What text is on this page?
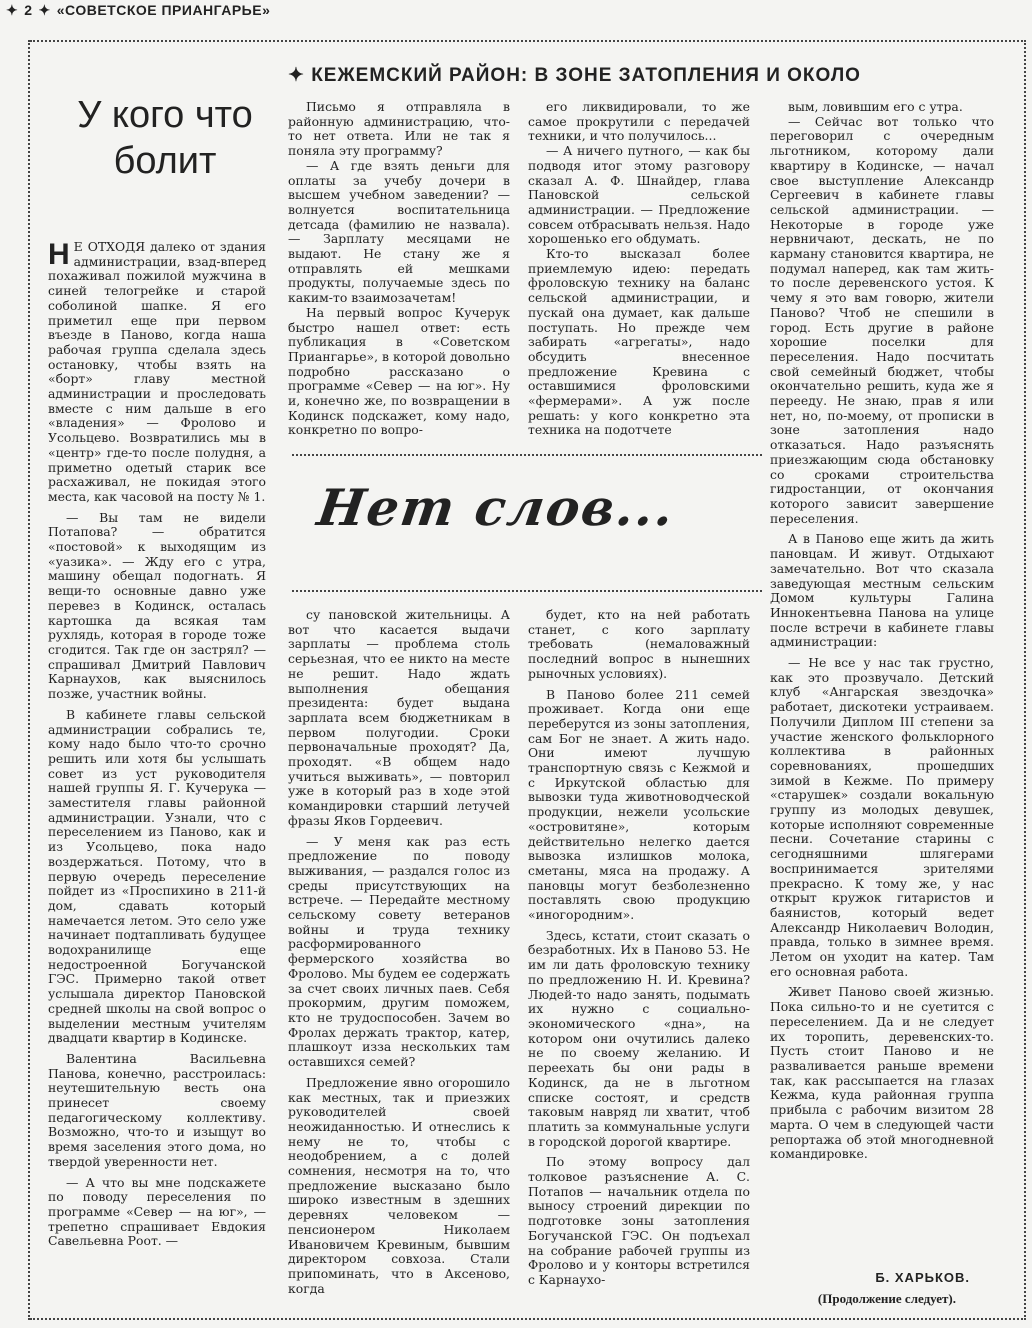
✦ 2 ✦ «СОВЕТСКОЕ ПРИАНГАРЬЕ»
✦ КЕЖЕМСКИЙ РАЙОН: В ЗОНЕ ЗАТОПЛЕНИЯ И ОКОЛО
У кого что болит
Нет слов...

Н Е ОТХОДЯ далеко от здания администрации, взад-вперед похаживал пожилой мужчина в синей телогрейке и старой соболиной шапке. Я его приметил еще при первом въезде в Паново, когда наша рабочая группа сделала здесь остановку, чтобы взять на «борт» главу местной администрации и проследовать вместе с ним дальше в его «владения» — Фролово и Усольцево. Возвратились мы в «центр» где-то после полудня, а приметно одетый старик все расхаживал, не покидая этого места, как часовой на посту № 1.

— Вы там не видели Потапова? — обратится «постовой» к выходящим из «уазика». — Жду его с утра, машину обещал подогнать. Я вещи-то основные давно уже перевез в Кодинск, осталась картошка да всякая там рухлядь, которая в городе тоже сгодится. Так где он застрял? — спрашивал Дмитрий Павлович Карнаухов, как выяснилось позже, участник войны.

В кабинете главы сельской администрации собрались те, кому надо было что-то срочно решить или хотя бы услышать совет из уст руководителя нашей группы Я. Г. Кучерука — заместителя главы районной администрации. Узнали, что с переселением из Паново, как и из Усольцево, пока надо воздержаться. Потому, что в первую очередь переселение пойдет из «Проспихино в 211-й дом, сдавать который намечается летом. Это село уже начинает подтапливать будущее водохранилище еще недостроенной Богучанской ГЭС. Примерно такой ответ услышала директор Пановской средней школы на свой вопрос о выделении местным учителям двадцати квартир в Кодинске.

Валентина Васильевна Панова, конечно, расстроилась: неутешительную весть она принесет своему педагогическому коллективу. Возможно, что-то и изыщут во время заселения этого дома, но твердой уверенности нет.

— А что вы мне подскажете по поводу переселения по программе «Север — на юг», — трепетно спрашивает Евдокия Савельевна Роот. —

Письмо я отправляла в районную администрацию, что-то нет ответа. Или не так я поняла эту программу?

— А где взять деньги для оплаты за учебу дочери в высшем учебном заведении? — волнуется воспитательница детсада (фамилию не назвала). — Зарплату месяцами не выдают. Не стану же я отправлять ей мешками продукты, получаемые здесь по каким-то взаимозачетам!

На первый вопрос Кучерук быстро нашел ответ: есть публикация в «Советском Приангарье», в которой довольно подробно рассказано о программе «Север — на юг». Ну и, конечно же, по возвращении в Кодинск подскажет, кому надо, конкретно по вопро-

его ликвидировали, то же самое прокрутили с передачей техники, и что получилось...

— А ничего путного, — как бы подводя итог этому разговору сказал А. Ф. Шнайдер, глава Пановской сельской администрации. — Предложение совсем отбрасывать нельзя. Надо хорошенько его обдумать.

Кто-то высказал более приемлемую идею: передать фроловскую технику на баланс сельской администрации, и пускай она думает, как дальше поступать. Но прежде чем забирать «агрегаты», надо обсудить внесенное предложение Кревина с оставшимися фроловскими «фермерами». А уж после решать: у кого конкретно эта техника на подотчете

вым, ловившим его с утра.

— Сейчас вот только что переговорил с очередным льготником, которому дали квартиру в Кодинске, — начал свое выступление Александр Сергеевич в кабинете главы сельской администрации. — Некоторые в городе уже нервничают, дескать, не по карману становится квартира, не подумал наперед, как там жить-то после деревенского устоя. К чему я это вам говорю, жители Паново? Чтоб не спешили в город. Есть другие в районе хорошие поселки для переселения. Надо посчитать свой семейный бюджет, чтобы окончательно решить, куда же я перееду. Не знаю, прав я или нет, но, по-моему, от прописки в зоне затопления надо отказаться. Надо разъяснять приезжающим сюда обстановку со сроками строительства гидростанции, от окончания которого зависит завершение переселения.

А в Паново еще жить да жить пановцам. И живут. Отдыхают замечательно. Вот что сказала заведующая местным сельским Домом культуры Галина Иннокентьевна Панова на улице после встречи в кабинете главы администрации:

— Не все у нас так грустно, как это прозвучало. Детский клуб «Ангарская звездочка» работает, дискотеки устраиваем. Получили Диплом III степени за участие женского фольклорного коллектива в районных соревнованиях, прошедших зимой в Кежме. По примеру «старушек» создали вокальную группу из молодых девушек, которые исполняют современные песни. Сочетание старины с сегодняшними шлягерами воспринимается зрителями прекрасно. К тому же, у нас открыт кружок гитаристов и баянистов, который ведет Александр Николаевич Володин, правда, только в зимнее время. Летом он уходит на катер. Там его основная работа.

Живет Паново своей жизнью. Пока сильно-то и не суетится с переселением. Да и не следует их торопить, деревенских-то. Пусть стоит Паново и не разваливается раньше времени так, как рассыпается на глазах Кежма, куда районная группа прибыла с рабочим визитом 28 марта. О чем в следующей части репортажа об этой многодневной командировке.

Б. ХАРЬКОВ.
(Продолжение следует).

су пановской жительницы. А вот что касается выдачи зарплаты — проблема столь серьезная, что ее никто на месте не решит. Надо ждать выполнения обещания президента: будет выдана зарплата всем бюджетникам в первом полугодии. Сроки первоначальные проходят? Да, проходят. «В общем надо учиться выживать», — повторил уже в который раз в ходе этой командировки старший летучей фразы Яков Гордеевич.

— У меня как раз есть предложение по поводу выживания, — раздался голос из среды присутствующих на встрече. — Передайте местному сельскому совету ветеранов войны и труда технику расформированного фермерского хозяйства во Фролово. Мы будем ее содержать за счет своих личных паев. Себя прокормим, другим поможем, кто не трудоспособен. Зачем во Фролах держать трактор, катер, плашкоут изза нескольких там оставшихся семей?

Предложение явно огорошило как местных, так и приезжих руководителей своей неожиданностью. И отнеслись к нему не то, чтобы с неодобрением, а с долей сомнения, несмотря на то, что предложение высказано было широко известным в здешних деревнях человеком — пенсионером Николаем Ивановичем Кревиным, бывшим директором совхоза. Стали припоминать, что в Аксеново, когда

будет, кто на ней работать станет, с кого зарплату требовать (немаловажный последний вопрос в нынешних рыночных условиях).

В Паново более 211 семей проживает. Когда они еще переберутся из зоны затопления, сам Бог не знает. А жить надо. Они имеют лучшую транспортную связь с Кежмой и с Иркутской областью для вывозки туда животноводческой продукции, нежели усольские «островитяне», которым действительно нелегко дается вывозка излишков молока, сметаны, мяса на продажу. А пановцы могут безболезненно поставлять свою продукцию «иногородним».

Здесь, кстати, стоит сказать о безработных. Их в Паново 53. Не им ли дать фроловскую технику по предложению Н. И. Кревина? Людей-то надо занять, подымать их нужно с социально-экономического «дна», на котором они очутились далеко не по своему желанию. И переехать бы они рады в Кодинск, да не в льготном списке состоят, и средств таковым навряд ли хватит, чтоб платить за коммунальные услуги в городской дорогой квартире.

По этому вопросу дал толковое разъяснение А. С. Потапов — начальник отдела по выносу строений дирекции по подготовке зоны затопления Богучанской ГЭС. Он подъехал на собрание рабочей группы из Фролово и у конторы встретился с Карнаухо-
